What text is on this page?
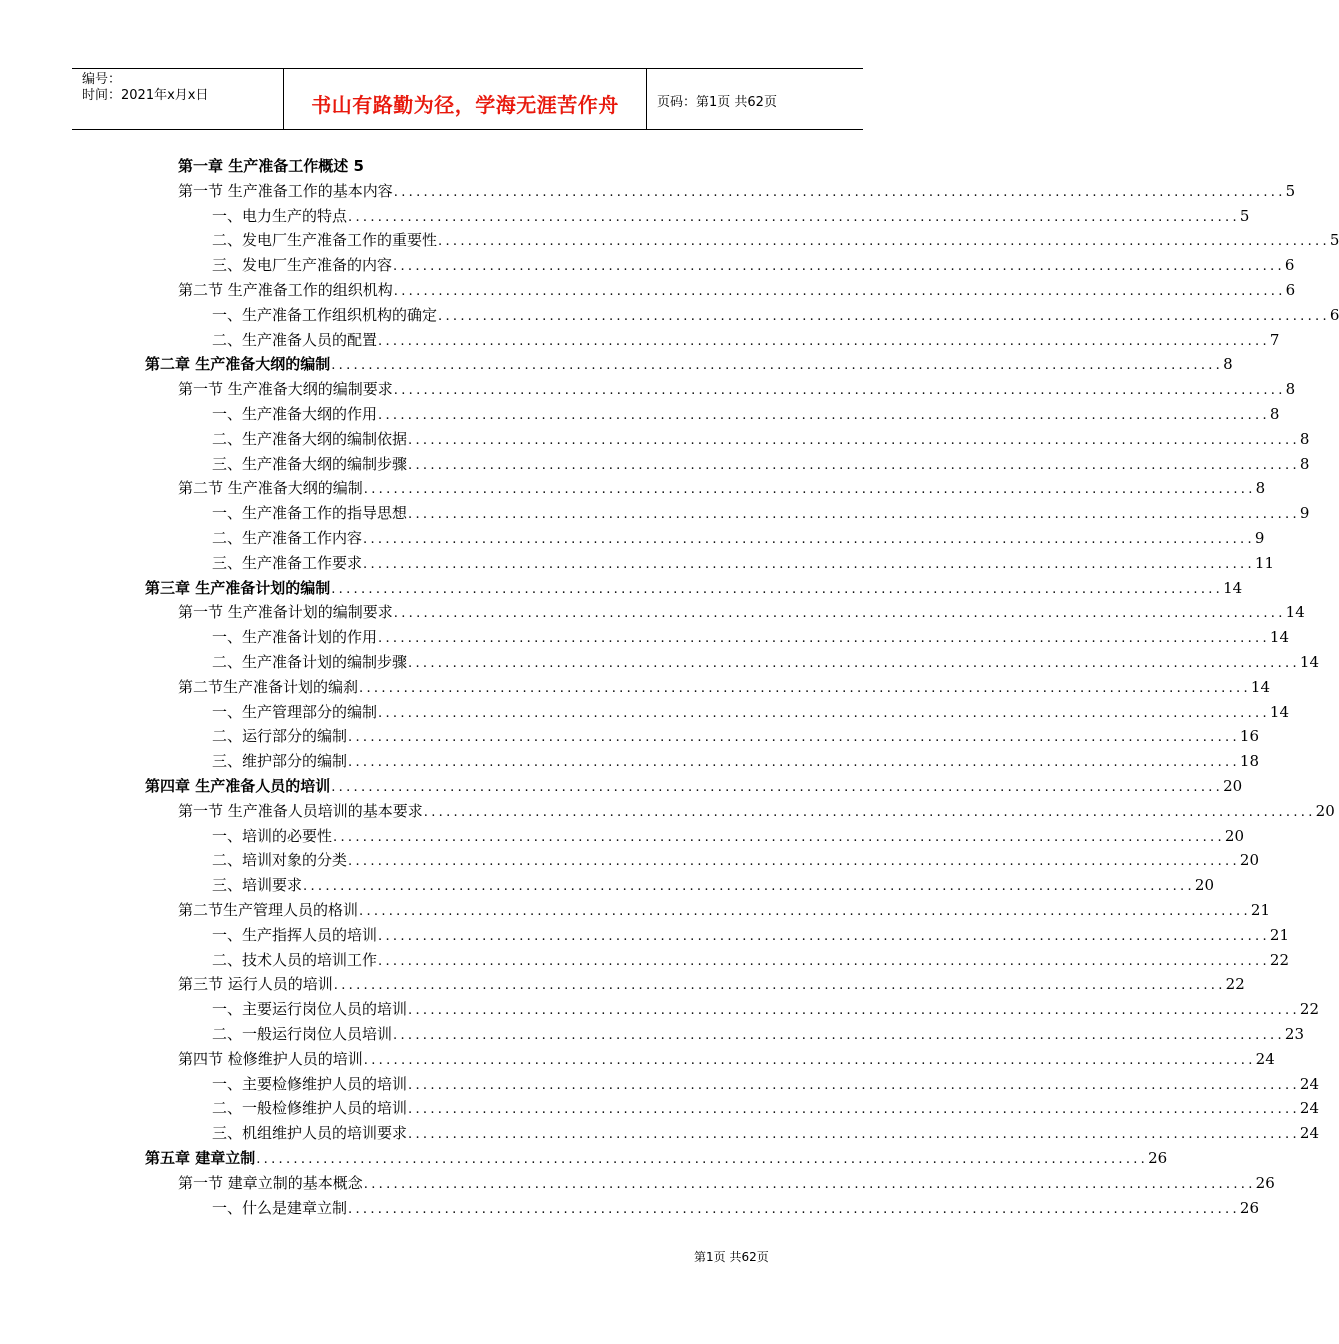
编号：
时间：2021年x月x日	书山有路勤为径，学海无涯苦作舟	页码：第1页 共62页
第一章 生产准备工作概述 5
第一节 生产准备工作的基本内容 ........................................................................................................................ 5
一、电力生产的特点 ........................................................................................................................ 5
二、发电厂生产准备工作的重要性 ........................................................................................................................ 5
三、发电厂生产准备的内容 ........................................................................................................................ 6
第二节 生产准备工作的组织机构 ........................................................................................................................ 6
一、生产准备工作组织机构的确定 ........................................................................................................................ 6
二、生产准备人员的配置 ........................................................................................................................ 7
第二章 生产准备大纲的编制 ........................................................................................................................ 8
第一节 生产准备大纲的编制要求 ........................................................................................................................ 8
一、生产准备大纲的作用 ........................................................................................................................ 8
二、生产准备大纲的编制依据 ........................................................................................................................ 8
三、生产准备大纲的编制步骤 ........................................................................................................................ 8
第二节 生产准备大纲的编制 ........................................................................................................................ 8
一、生产准备工作的指导思想 ........................................................................................................................ 9
二、生产准备工作内容 ........................................................................................................................ 9
三、生产准备工作要求 ........................................................................................................................ 11
第三章 生产准备计划的编制 ........................................................................................................................ 14
第一节 生产准备计划的编制要求 ........................................................................................................................ 14
一、生产准备计划的作用 ........................................................................................................................ 14
二、生产准备计划的编制步骤 ........................................................................................................................ 14
第二节生产准备计划的编刹 ........................................................................................................................ 14
一、生产管理部分的编制 ........................................................................................................................ 14
二、运行部分的编制 ........................................................................................................................ 16
三、维护部分的编制 ........................................................................................................................ 18
第四章 生产准备人员的培训 ........................................................................................................................ 20
第一节 生产准备人员培训的基本要求 ........................................................................................................................ 20
一、培训的必要性 ........................................................................................................................ 20
二、培训对象的分类 ........................................................................................................................ 20
三、培训要求 ........................................................................................................................ 20
第二节生产管理人员的格训 ........................................................................................................................ 21
一、生产指挥人员的培训 ........................................................................................................................ 21
二、技术人员的培训工作 ........................................................................................................................ 22
第三节 运行人员的培训 ........................................................................................................................ 22
一、主要运行岗位人员的培训 ........................................................................................................................ 22
二、一般运行岗位人员培训 ........................................................................................................................ 23
第四节 检修维护人员的培训 ........................................................................................................................ 24
一、主要检修维护人员的培训 ........................................................................................................................ 24
二、一般检修维护人员的培训 ........................................................................................................................ 24
三、机组维护人员的培训要求 ........................................................................................................................ 24
第五章 建章立制 ........................................................................................................................ 26
第一节 建章立制的基本概念 ........................................................................................................................ 26
一、什么是建章立制 ........................................................................................................................ 26
第1页 共62页
